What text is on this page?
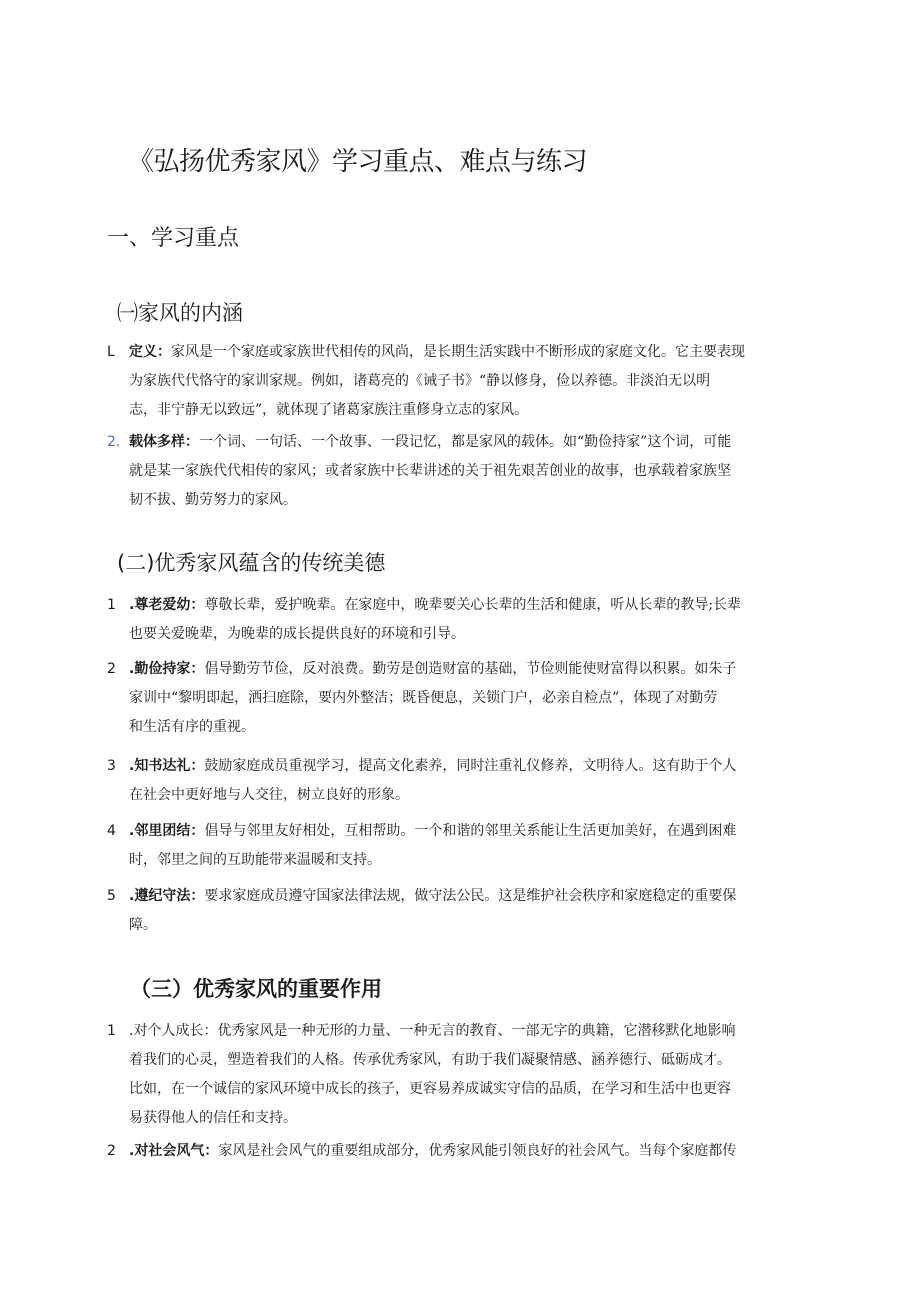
《弘扬优秀家风》学习重点、难点与练习
一、学习重点
㈠家风的内涵
L 定义：家风是一个家庭或家族世代相传的风尚，是长期生活实践中不断形成的家庭文化。它主要表现
为家族代代恪守的家训家规。例如，诸葛亮的《诫子书》“静以修身，俭以养德。非淡泊无以明
志，非宁静无以致远”，就体现了诸葛家族注重修身立志的家风。
2. 载体多样：一个词、一句话、一个故事、一段记忆，都是家风的载体。如“勤俭持家”这个词，可能
就是某一家族代代相传的家风；或者家族中长辈讲述的关于祖先艰苦创业的故事，也承载着家族坚
韧不拔、勤劳努力的家风。
(二)优秀家风蕴含的传统美德
1 .尊老爱幼：尊敬长辈，爱护晚辈。在家庭中，晚辈要关心长辈的生活和健康，听从长辈的教导;长辈
也要关爱晚辈，为晚辈的成长提供良好的环境和引导。
2 .勤俭持家：倡导勤劳节俭，反对浪费。勤劳是创造财富的基础，节俭则能使财富得以积累。如朱子
家训中“黎明即起，洒扫庭除，要内外整洁；既昏便息，关锁门户，必亲自检点”，体现了对勤劳
和生活有序的重视。
3 .知书达礼：鼓励家庭成员重视学习，提高文化素养，同时注重礼仪修养，文明待人。这有助于个人
在社会中更好地与人交往，树立良好的形象。
4 .邻里团结：倡导与邻里友好相处，互相帮助。一个和谐的邻里关系能让生活更加美好，在遇到困难
时，邻里之间的互助能带来温暖和支持。
5 .遵纪守法：要求家庭成员遵守国家法律法规，做守法公民。这是维护社会秩序和家庭稳定的重要保
障。
（三）优秀家风的重要作用
1 .对个人成长：优秀家风是一种无形的力量、一种无言的教育、一部无字的典籍，它潜移默化地影响
着我们的心灵，塑造着我们的人格。传承优秀家风，有助于我们凝聚情感、涵养德行、砥砺成才。
比如，在一个诚信的家风环境中成长的孩子，更容易养成诚实守信的品质，在学习和生活中也更容
易获得他人的信任和支持。
2 .对社会风气：家风是社会风气的重要组成部分，优秀家风能引领良好的社会风气。当每个家庭都传
